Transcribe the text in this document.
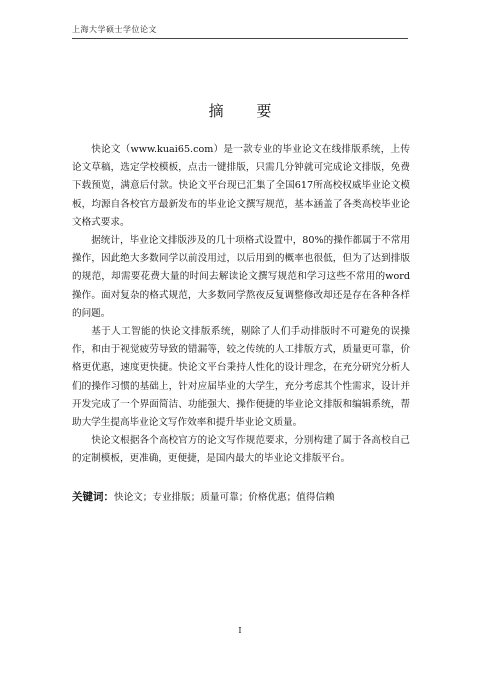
上海大学硕士学位论文
摘 要

快论文（www.kuai65.com）是一款专业的毕业论文在线排版系统，上传论文草稿，选定学校模板，点击一键排版，只需几分钟就可完成论文排版，免费下载预览，满意后付款。快论文平台现已汇集了全国617所高校权威毕业论文模板，均源自各校官方最新发布的毕业论文撰写规范，基本涵盖了各类高校毕业论文格式要求。

据统计，毕业论文排版涉及的几十项格式设置中，80%的操作都属于不常用操作，因此绝大多数同学以前没用过，以后用到的概率也很低，但为了达到排版的规范，却需要花费大量的时间去解读论文撰写规范和学习这些不常用的word操作。面对复杂的格式规范，大多数同学熬夜反复调整修改却还是存在各种各样的问题。

基于人工智能的快论文排版系统，剔除了人们手动排版时不可避免的误操作，和由于视觉疲劳导致的错漏等，较之传统的人工排版方式，质量更可靠，价格更优惠，速度更快捷。快论文平台秉持人性化的设计理念，在充分研究分析人们的操作习惯的基础上，针对应届毕业的大学生，充分考虑其个性需求，设计并开发完成了一个界面简洁、功能强大、操作便捷的毕业论文排版和编辑系统，帮助大学生提高毕业论文写作效率和提升毕业论文质量。

快论文根据各个高校官方的论文写作规范要求，分别构建了属于各高校自己的定制模板，更准确，更便捷，是国内最大的毕业论文排版平台。

关键词：快论文；专业排版；质量可靠；价格优惠；值得信赖
I
